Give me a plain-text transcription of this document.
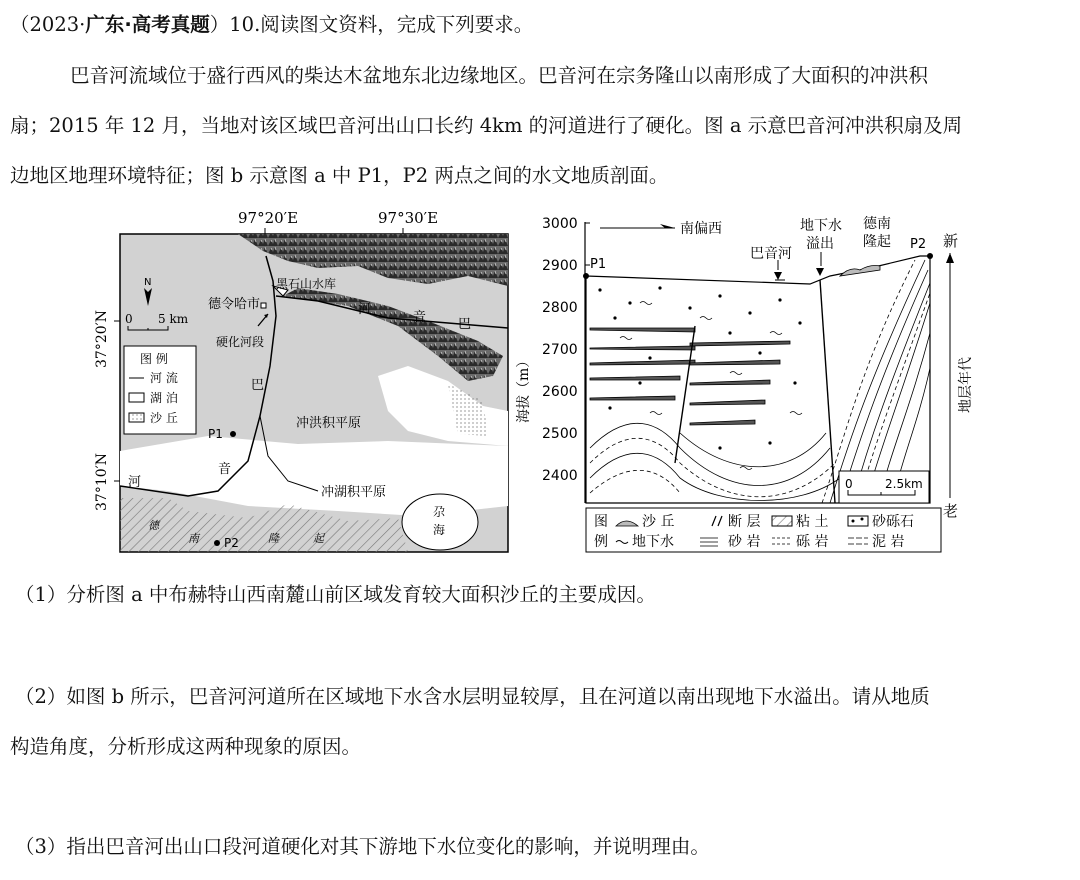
（2023·广东·高考真题）10.阅读图文资料，完成下列要求。
巴音河流域位于盛行西风的柴达木盆地东北边缘地区。巴音河在宗务隆山以南形成了大面积的冲洪积
扇；2015 年 12 月，当地对该区域巴音河出山口长约 4km 的河道进行了硬化。图 a 示意巴音河冲洪积扇及周
边地区地理环境特征；图 b 示意图 a 中 P1，P2 两点之间的水文地质剖面。
97°20′E	97°30′E
37°20′N
37°10′N
N
0 5 km
德令哈市
黑石山水库
硬化河段
巴
音
河
河
音 巴
冲洪积平原
冲湖积平原
尕
海
德
南	隆	起
P1
P2
图 例
河 流
湖 泊
沙 丘
3000
2900
2800
2700
2600
2500
2400
海拔（m）
P1
P2
南偏西
巴音河
地下水
溢出
德南
隆起	新
地层年代
老
0	2.5km
图
例
沙 丘	断 层	粘 土	砂砾石
地下水	砂 岩	砾 岩	泥 岩
（1）分析图 a 中布赫特山西南麓山前区域发育较大面积沙丘的主要成因。
（2）如图 b 所示，巴音河河道所在区域地下水含水层明显较厚，且在河道以南出现地下水溢出。请从地质
构造角度，分析形成这两种现象的原因。
（3）指出巴音河出山口段河道硬化对其下游地下水位变化的影响，并说明理由。
